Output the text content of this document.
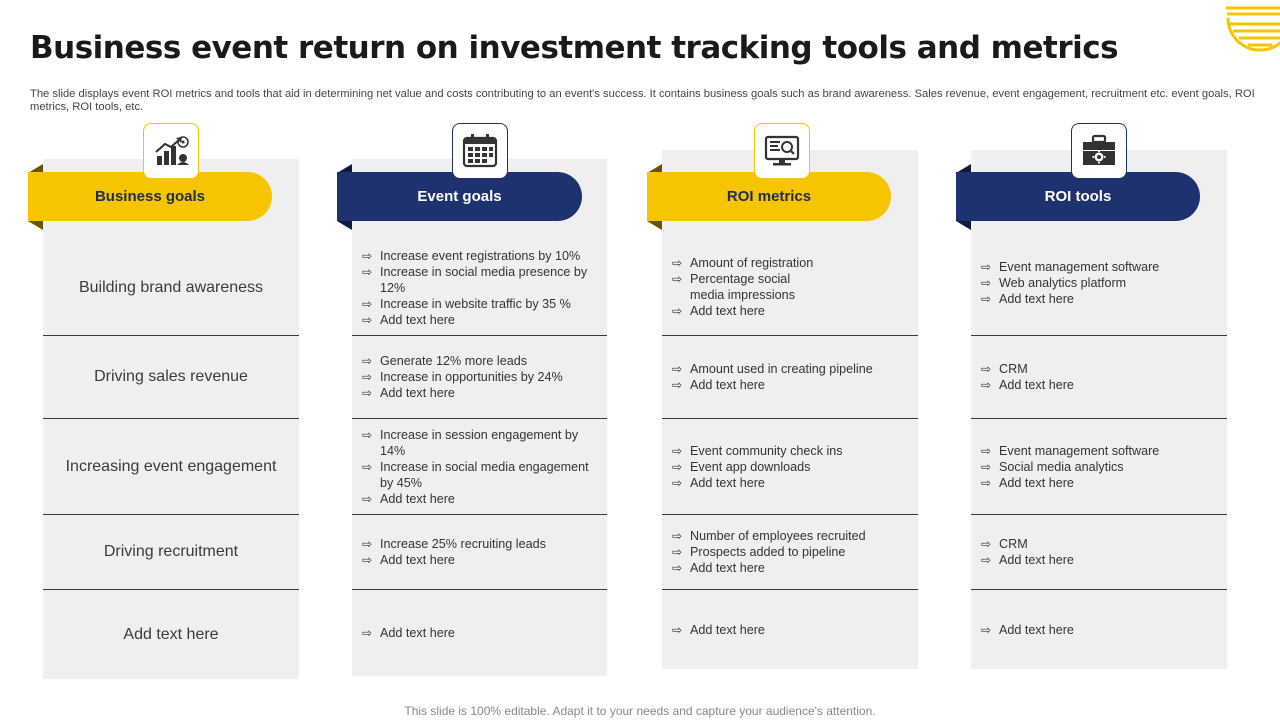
Business event return on investment tracking tools and metrics

The slide displays event ROI metrics and tools that aid in determining net value and costs contributing to an event's success. It contains business goals such as brand awareness. Sales revenue, event engagement, recruitment etc. event goals, ROI metrics, ROI tools, etc.

Business goals
Building brand awareness
Driving sales revenue
Increasing event engagement
Driving recruitment
Add text here
Event goals
⇨ Increase event registrations by 10%
⇨ Increase in social media presence by 12%
⇨ Increase in website traffic by 35 %
⇨ Add text here
⇨ Generate 12% more leads
⇨ Increase in opportunities by 24%
⇨ Add text here
⇨ Increase in session engagement by 14%
⇨ Increase in social media engagement by 45%
⇨ Add text here
⇨ Increase 25% recruiting leads
⇨ Add text here
⇨ Add text here
ROI metrics
⇨ Amount of registration
⇨ Percentage social media impressions
⇨ Add text here
⇨ Amount used in creating pipeline
⇨ Add text here
⇨ Event community check ins
⇨ Event app downloads
⇨ Add text here
⇨ Number of employees recruited
⇨ Prospects added to pipeline
⇨ Add text here
⇨ Add text here
ROI tools
⇨ Event management software
⇨ Web analytics platform
⇨ Add text here
⇨ CRM
⇨ Add text here
⇨ Event management software
⇨ Social media analytics
⇨ Add text here
⇨ CRM
⇨ Add text here
⇨ Add text here

This slide is 100% editable. Adapt it to your needs and capture your audience's attention.
